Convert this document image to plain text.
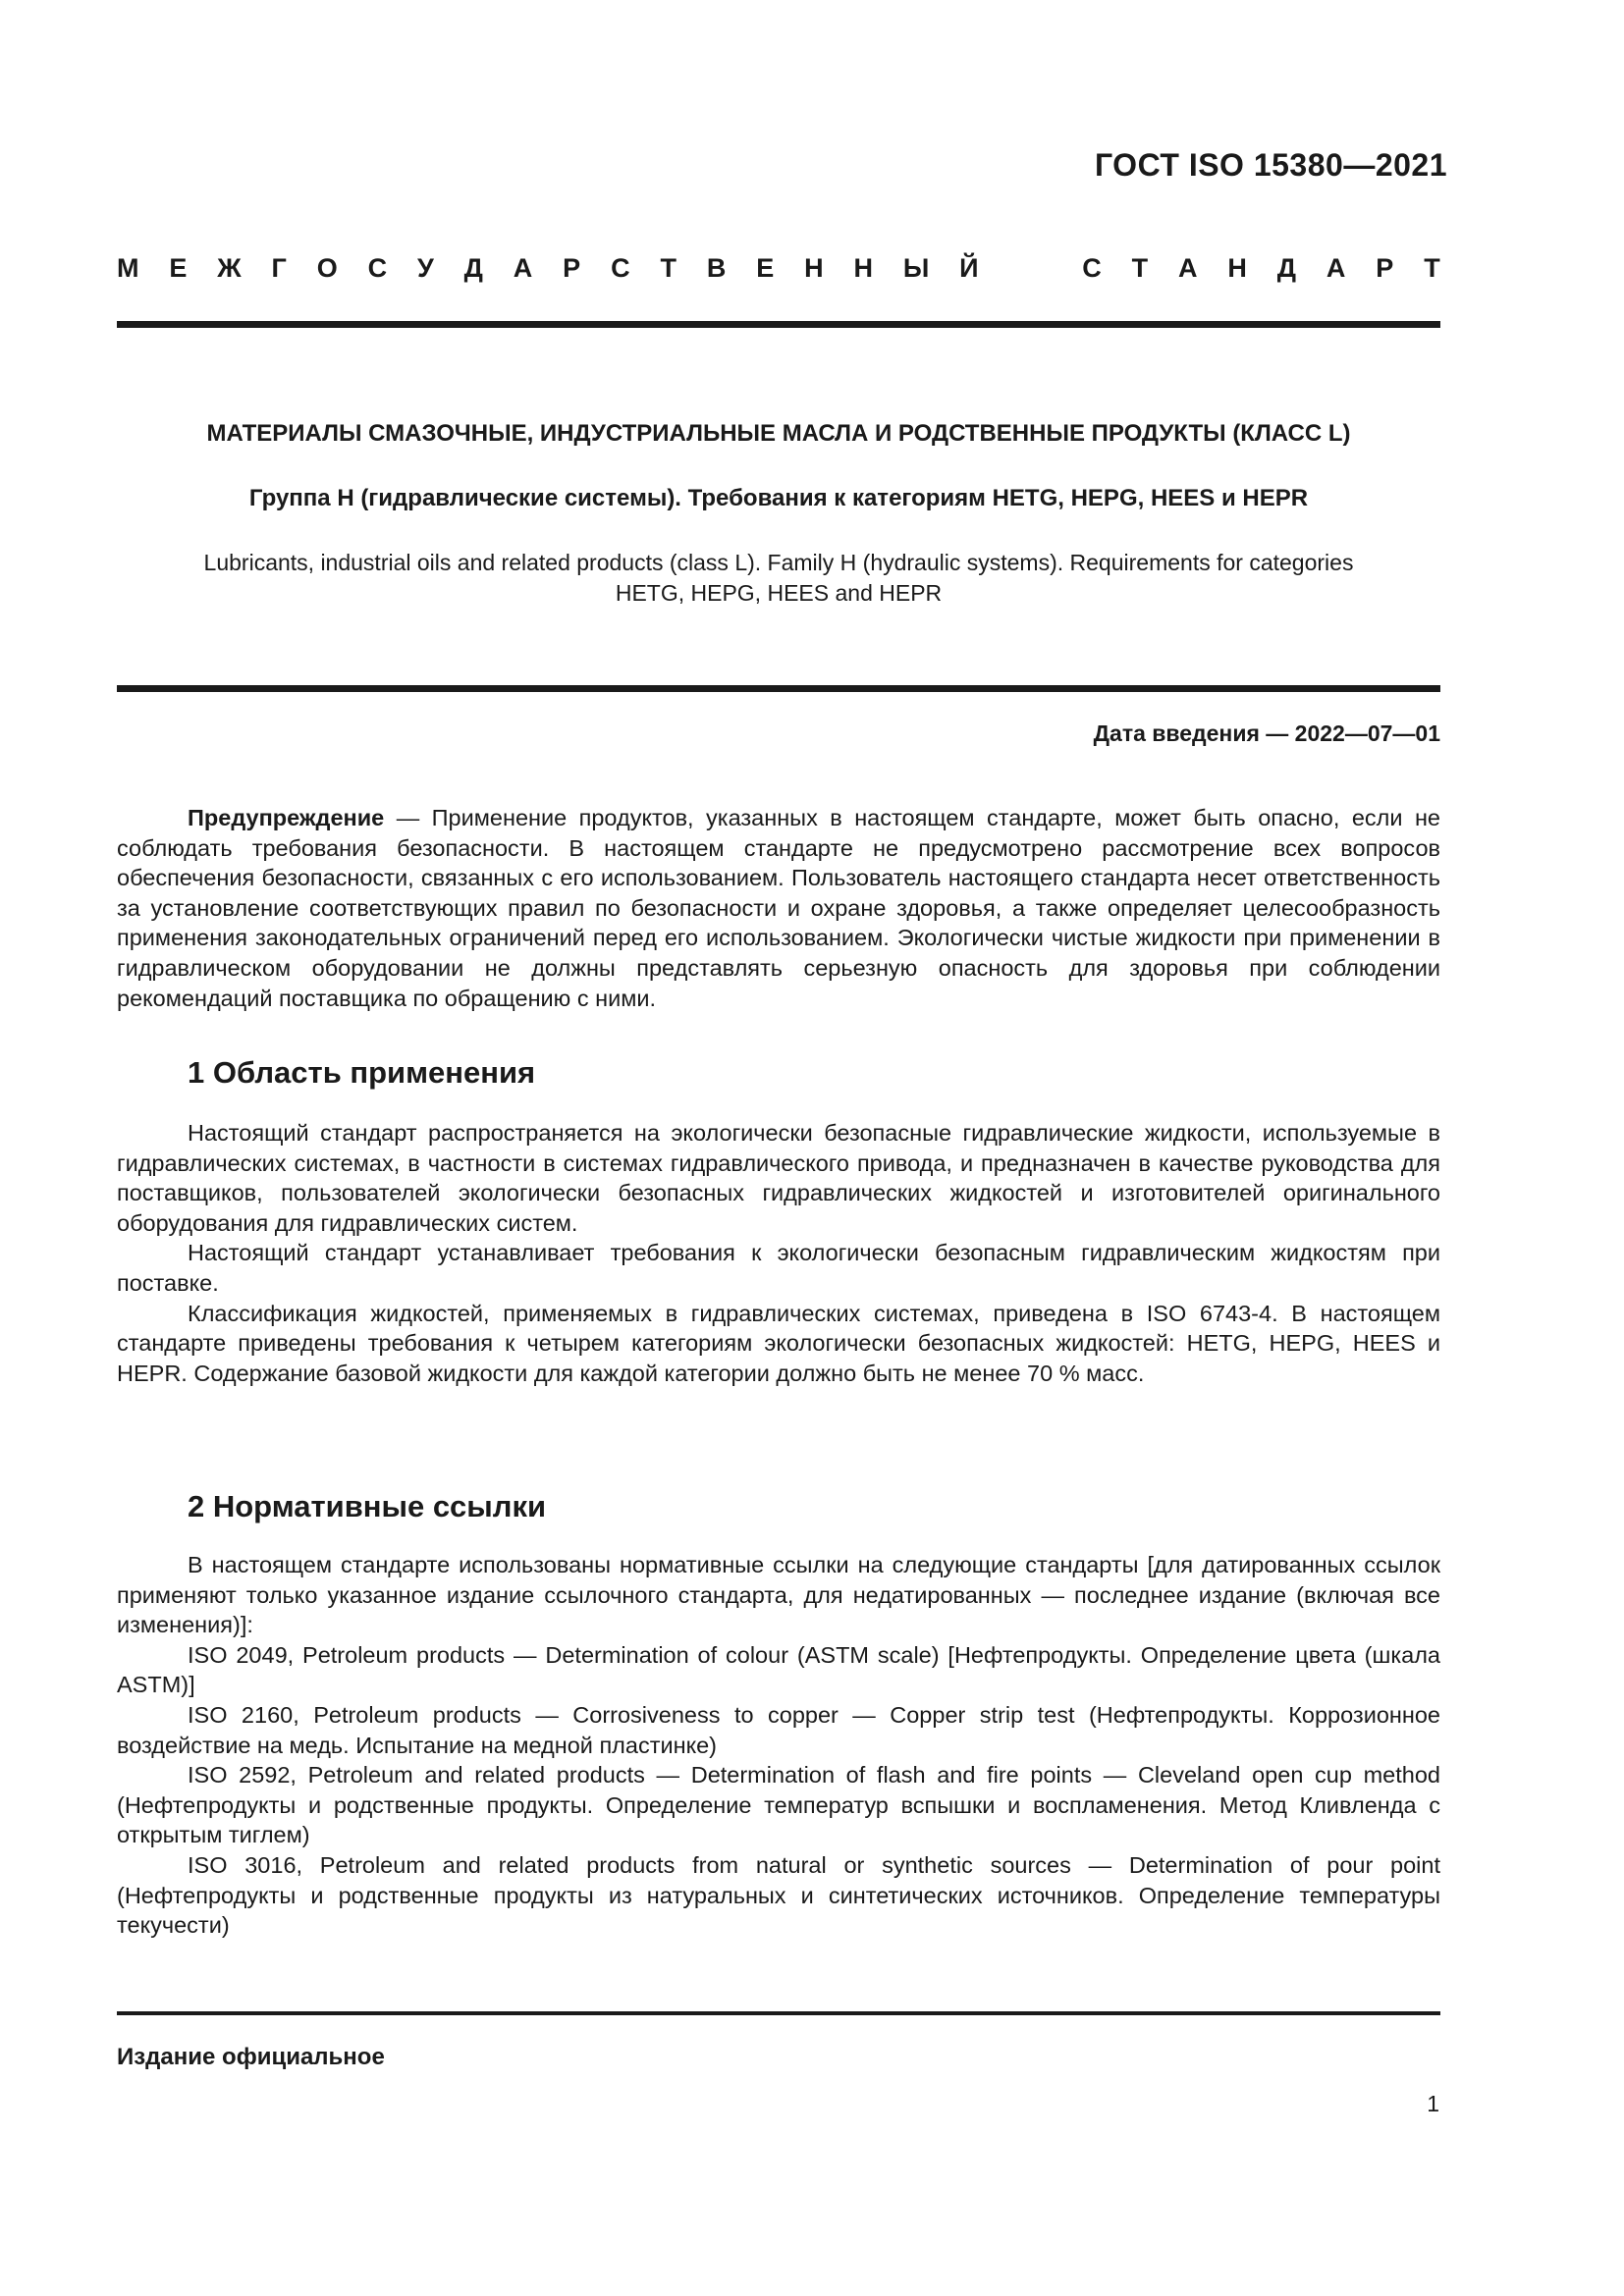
ГОСТ ISO 15380—2021
М Е Ж Г О С У Д А Р С Т В Е Н Н Ы Й	С Т А Н Д А Р Т
МАТЕРИАЛЫ СМАЗОЧНЫЕ, ИНДУСТРИАЛЬНЫЕ МАСЛА И РОДСТВЕННЫЕ ПРОДУКТЫ (КЛАСС L)
Группа H (гидравлические системы). Требования к категориям HETG, HEPG, HEES и HEPR
Lubricants, industrial oils and related products (class L). Family H (hydraulic systems). Requirements for categories
HETG, HEPG, HEES and HEPR
Дата введения — 2022—07—01

Предупреждение — Применение продуктов, указанных в настоящем стандарте, может быть опасно, если не соблюдать требования безопасности. В настоящем стандарте не предусмотрено рассмотрение всех вопросов обеспечения безопасности, связанных с его использованием. Пользователь настоящего стандарта несет ответственность за установление соответствующих правил по безопасности и охране здоровья, а также определяет целесообразность применения законодательных ограничений перед его использованием. Экологически чистые жидкости при применении в гидравлическом оборудовании не должны представлять серьезную опасность для здоровья при соблюдении рекомендаций поставщика по обращению с ними.

1 Область применения

Настоящий стандарт распространяется на экологически безопасные гидравлические жидкости, используемые в гидравлических системах, в частности в системах гидравлического привода, и предназначен в качестве руководства для поставщиков, пользователей экологически безопасных гидравлических жидкостей и изготовителей оригинального оборудования для гидравлических систем.

Настоящий стандарт устанавливает требования к экологически безопасным гидравлическим жидкостям при поставке.

Классификация жидкостей, применяемых в гидравлических системах, приведена в ISO 6743-4. В настоящем стандарте приведены требования к четырем категориям экологически безопасных жидкостей: HETG, HEPG, HEES и HEPR. Содержание базовой жидкости для каждой категории должно быть не менее 70 % масс.

2 Нормативные ссылки

В настоящем стандарте использованы нормативные ссылки на следующие стандарты [для датированных ссылок применяют только указанное издание ссылочного стандарта, для недатированных — последнее издание (включая все изменения)]:

ISO 2049, Petroleum products — Determination of colour (ASTM scale) [Нефтепродукты. Определение цвета (шкала ASTM)]

ISO 2160, Petroleum products — Corrosiveness to copper — Copper strip test (Нефтепродукты. Коррозионное воздействие на медь. Испытание на медной пластинке)

ISO 2592, Petroleum and related products — Determination of flash and fire points — Cleveland open cup method (Нефтепродукты и родственные продукты. Определение температур вспышки и воспламенения. Метод Кливленда с открытым тиглем)

ISO 3016, Petroleum and related products from natural or synthetic sources — Determination of pour point (Нефтепродукты и родственные продукты из натуральных и синтетических источников. Определение температуры текучести)

Издание официальное
1
